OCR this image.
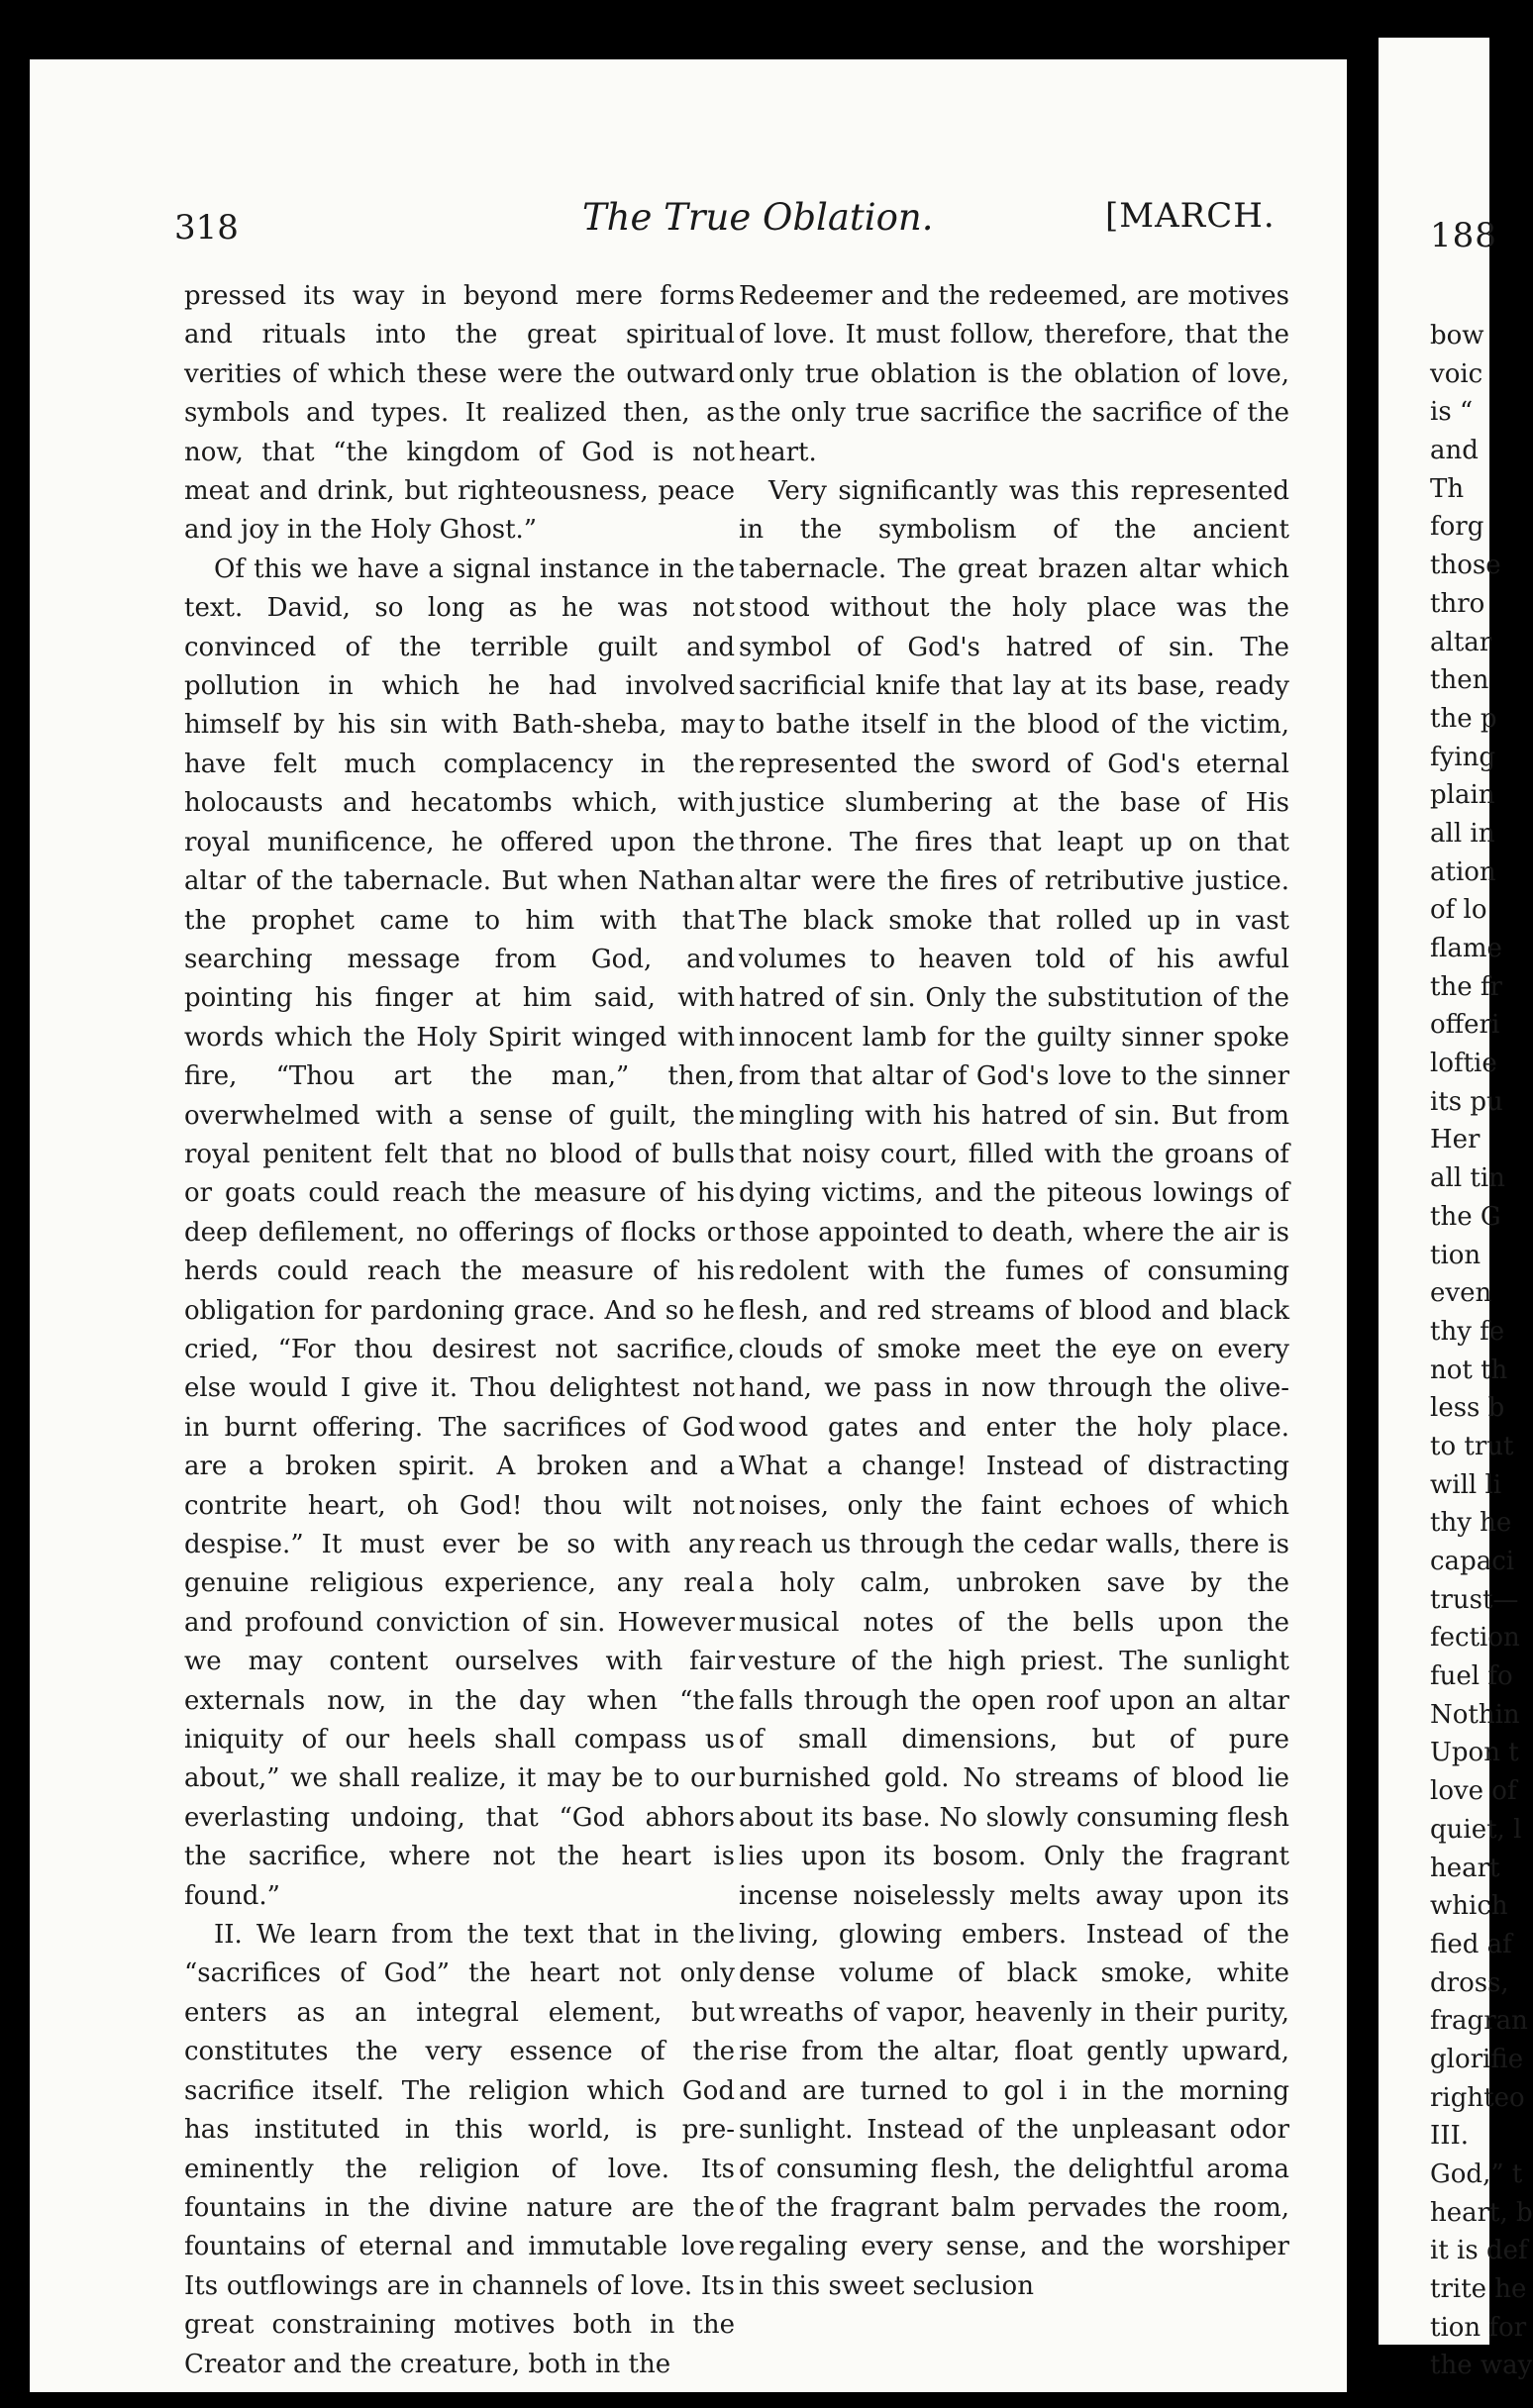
318	The True Oblation.	[MARCH.

pressed its way in beyond mere forms and rituals into the great spiritual verities of which these were the outward symbols and types. It realized then, as now, that “the kingdom of God is not meat and drink, but righteousness, peace and joy in the Holy Ghost.”

Of this we have a signal instance in the text. David, so long as he was not convinced of the terrible guilt and pollution in which he had involved himself by his sin with Bath-sheba, may have felt much complacency in the holocausts and hecatombs which, with royal munificence, he offered upon the altar of the tabernacle. But when Nathan the prophet came to him with that searching message from God, and pointing his finger at him said, with words which the Holy Spirit winged with fire, “Thou art the man,” then, overwhelmed with a sense of guilt, the royal penitent felt that no blood of bulls or goats could reach the measure of his deep defilement, no offerings of flocks or herds could reach the measure of his obligation for pardoning grace. And so he cried, “For thou desirest not sacrifice, else would I give it. Thou delightest not in burnt offering. The sacrifices of God are a broken spirit. A broken and a contrite heart, oh God! thou wilt not despise.” It must ever be so with any genuine religious experience, any real and profound conviction of sin. However we may content ourselves with fair externals now, in the day when “the iniquity of our heels shall compass us about,” we shall realize, it may be to our everlasting undoing, that “God abhors the sacrifice, where not the heart is found.”

II. We learn from the text that in the “sacrifices of God” the heart not only enters as an integral element, but constitutes the very essence of the sacrifice itself. The religion which God has instituted in this world, is pre-eminently the religion of love. Its fountains in the divine nature are the fountains of eternal and immutable love Its outflowings are in channels of love. Its great constraining motives both in the Creator and the creature, both in the

Redeemer and the redeemed, are motives of love. It must follow, therefore, that the only true oblation is the oblation of love, the only true sacrifice the sacrifice of the heart.

Very significantly was this represented in the symbolism of the ancient tabernacle. The great brazen altar which stood without the holy place was the symbol of God's hatred of sin. The sacrificial knife that lay at its base, ready to bathe itself in the blood of the victim, represented the sword of God's eternal justice slumbering at the base of His throne. The fires that leapt up on that altar were the fires of retributive justice. The black smoke that rolled up in vast volumes to heaven told of his awful hatred of sin. Only the substitution of the innocent lamb for the guilty sinner spoke from that altar of God's love to the sinner mingling with his hatred of sin. But from that noisy court, filled with the groans of dying victims, and the piteous lowings of those appointed to death, where the air is redolent with the fumes of consuming flesh, and red streams of blood and black clouds of smoke meet the eye on every hand, we pass in now through the olive-wood gates and enter the holy place. What a change! Instead of distracting noises, only the faint echoes of which reach us through the cedar walls, there is a holy calm, unbroken save by the musical notes of the bells upon the vesture of the high priest. The sunlight falls through the open roof upon an altar of small dimensions, but of pure burnished gold. No streams of blood lie about its base. No slowly consuming flesh lies upon its bosom. Only the fragrant incense noiselessly melts away upon its living, glowing embers. Instead of the dense volume of black smoke, white wreaths of vapor, heavenly in their purity, rise from the altar, float gently upward, and are turned to gol i in the morning sunlight. Instead of the unpleasant odor of consuming flesh, the delightful aroma of the fragrant balm pervades the room, regaling every sense, and the worshiper in this sweet seclusion

188
bow
voic
is “
and
Th
forg
those
thro
altar
then
the p
fying
plain
all in
ation
of lo
flame
the fr
offeri
loftie
its pu
Her
all tin
the G
tion
even
thy fe
not th
less b
to trut
will li
thy he
capaci
trust—
fection
fuel fo
Nothin
Upon t
love of
quiet, l
heart
which
fied af
dross,
fragran
glorifie
righteo
III.
God,” t
heart, b
it is def
trite he
tion for
the way
